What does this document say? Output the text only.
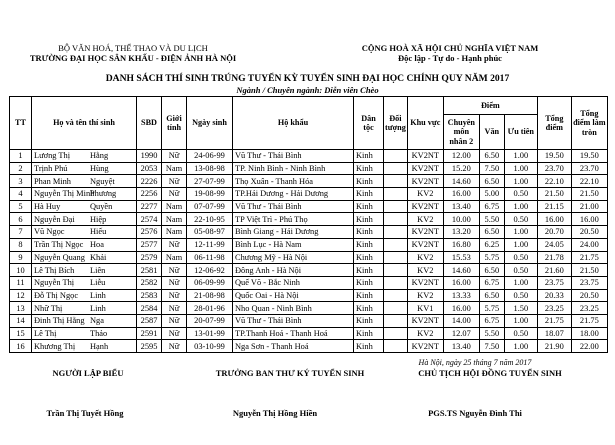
BỘ VĂN HOÁ, THỂ THAO VÀ DU LỊCH
TRƯỜNG ĐẠI HỌC SÂN KHẤU - ĐIỆN ẢNH HÀ NỘI
CỘNG HOÀ XÃ HỘI CHỦ NGHĨA VIỆT NAM
Độc lập - Tự do - Hạnh phúc
DANH SÁCH THÍ SINH TRÚNG TUYỂN KỲ TUYỂN SINH ĐẠI HỌC CHÍNH QUY NĂM 2017
Ngành / Chuyên ngành: Diễn viên Chèo
TT	Họ và tên thí sinh	SBD	Giới tính	Ngày sinh	Hộ khẩu	Dân tộc	Đối tượng	Khu vực	Điểm			Tổng điểm	Tổng điểm làm tròn
									Chuyên môn nhân 2	Văn	Ưu tiên		
1	Lương Thị Hằng	1990	Nữ	24-06-99	Vũ Thư - Thái Bình	Kinh		KV2NT	12.00	6.50	1.00	19.50	19.50
2	Trịnh Phú Hùng	2053	Nam	13-08-98	TP. Ninh Bình - Ninh Bình	Kinh		KV2NT	15.20	7.50	1.00	23.70	23.70
3	Phan Minh Nguyệt	2226	Nữ	27-07-99	Thọ Xuân - Thanh Hóa	Kinh		KV2NT	14.60	6.50	1.00	22.10	22.10
4	Nguyễn Thị MinhPhương	2256	Nữ	19-08-99	TP.Hải Dương - Hải Dương	Kinh		KV2	16.00	5.00	0.50	21.50	21.50
5	Hà Huy Quyền	2277	Nam	07-07-99	Vũ Thư - Thái Bình	Kinh		KV2NT	13.40	6.75	1.00	21.15	21.00
6	Nguyễn Đại Hiệp	2574	Nam	22-10-95	TP Việt Trì - Phú Thọ	Kinh		KV2	10.00	5.50	0.50	16.00	16.00
7	Vũ Ngọc Hiếu	2576	Nam	05-08-97	Bình Giang - Hải Dương	Kinh		KV2NT	13.20	6.50	1.00	20.70	20.50
8	Trần Thị Ngọc Hoa	2577	Nữ	12-11-99	Bình Lục - Hà Nam	Kinh		KV2NT	16.80	6.25	1.00	24.05	24.00
9	Nguyễn Quang Khải	2579	Nam	06-11-98	Chương Mỹ - Hà Nội	Kinh		KV2	15.53	5.75	0.50	21.78	21.75
10	Lê Thị Bích Liên	2581	Nữ	12-06-92	Đông Anh - Hà Nội	Kinh		KV2	14.60	6.50	0.50	21.60	21.50
11	Nguyễn Thị Liễu	2582	Nữ	06-09-99	Quế Võ - Bắc Ninh	Kinh		KV2NT	16.00	6.75	1.00	23.75	23.75
12	Đỗ Thị Ngọc Linh	2583	Nữ	21-08-98	Quốc Oai - Hà Nội	Kinh		KV2	13.33	6.50	0.50	20.33	20.50
13	Nhữ Thị Linh	2584	Nữ	28-01-96	Nho Quan - Ninh Bình	Kinh		KV1	16.00	5.75	1.50	23.25	23.25
14	Đinh Thị Hằng Nga	2587	Nữ	20-07-99	Vũ Thư - Thái Bình	Kinh		KV2NT	14.00	6.75	1.00	21.75	21.75
15	Lê Thị Thảo	2591	Nữ	13-01-99	TP.Thanh Hoá - Thanh Hoá	Kinh		KV2	12.07	5.50	0.50	18.07	18.00
16	Khương Thị Hạnh	2595	Nữ	03-10-99	Nga Sơn - Thanh Hoá	Kinh		KV2NT	13.40	7.50	1.00	21.90	22.00
Hà Nội, ngày 25 tháng 7 năm 2017
NGƯỜI LẬP BIỂU	TRƯỞNG BAN THƯ KÝ TUYỂN SINH	CHỦ TỊCH HỘI ĐỒNG TUYỂN SINH
Trần Thị Tuyết Hồng	Nguyễn Thị Hồng Hiền	PGS.TS Nguyễn Đình Thi
